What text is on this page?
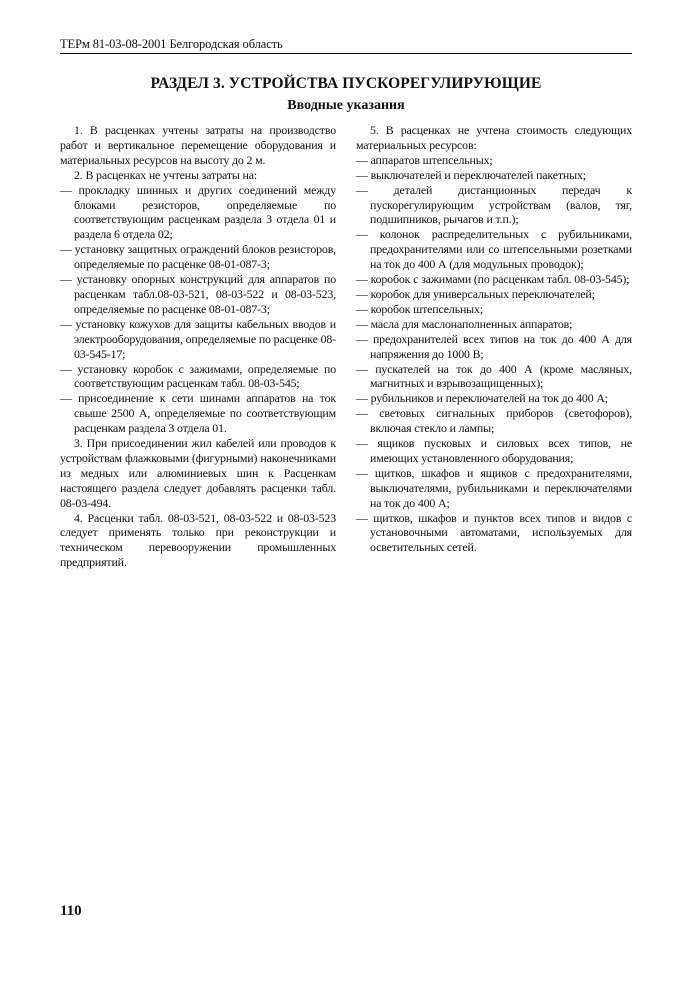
ТЕРм 81-03-08-2001 Белгородская область
РАЗДЕЛ 3. УСТРОЙСТВА ПУСКОРЕГУЛИРУЮЩИЕ
Вводные указания

1. В расценках учтены затраты на производство работ и вертикальное перемещение оборудования и материальных ресурсов на высоту до 2 м.

2. В расценках не учтены затраты на:

— прокладку шинных и других соединений между блоками резисторов, определяемые по соответствующим расценкам раздела 3 отдела 01 и раздела 6 отдела 02;

— установку защитных ограждений блоков резисторов, определяемые по расценке 08-01-087-3;

— установку опорных конструкций для аппаратов по расценкам табл.08-03-521, 08-03-522 и 08-03-523, определяемые по расценке 08-01-087-3;

— установку кожухов для защиты кабельных вводов и электрооборудования, определяемые по расценке 08-03-545-17;

— установку коробок с зажимами, определяемые по соответствующим расценкам табл. 08-03-545;

— присоединение к сети шинами аппаратов на ток свыше 2500 А, определяемые по соответствующим расценкам раздела 3 отдела 01.

3. При присоединении жил кабелей или проводов к устройствам флажковыми (фигурными) наконечниками из медных или алюминиевых шин к Расценкам настоящего раздела следует добавлять расценки табл. 08-03-494.

4. Расценки табл. 08-03-521, 08-03-522 и 08-03-523 следует применять только при реконструкции и техническом перевооружении промышленных предприятий.

5. В расценках не учтена стоимость следующих материальных ресурсов:

— аппаратов штепсельных;

— выключателей и переключателей пакетных;

— деталей дистанционных передач к пускорегулирующим устройствам (валов, тяг, подшипников, рычагов и т.п.);

— колонок распределительных с рубильниками, предохранителями или со штепсельными розетками на ток до 400 А (для модульных проводок);

— коробок с зажимами (по расценкам табл. 08-03-545);

— коробок для универсальных переключателей;

— коробок штепсельных;

— масла для маслонаполненных аппаратов;

— предохранителей всех типов на ток до 400 А для напряжения до 1000 В;

— пускателей на ток до 400 А (кроме масляных, магнитных и взрывозащищенных);

— рубильников и переключателей на ток до 400 А;

— световых сигнальных приборов (светофоров), включая стекло и лампы;

— ящиков пусковых и силовых всех типов, не имеющих установленного оборудования;

— щитков, шкафов и ящиков с предохранителями, выключателями, рубильниками и переключателями на ток до 400 А;

— щитков, шкафов и пунктов всех типов и видов с установочными автоматами, используемых для осветительных сетей.

110
